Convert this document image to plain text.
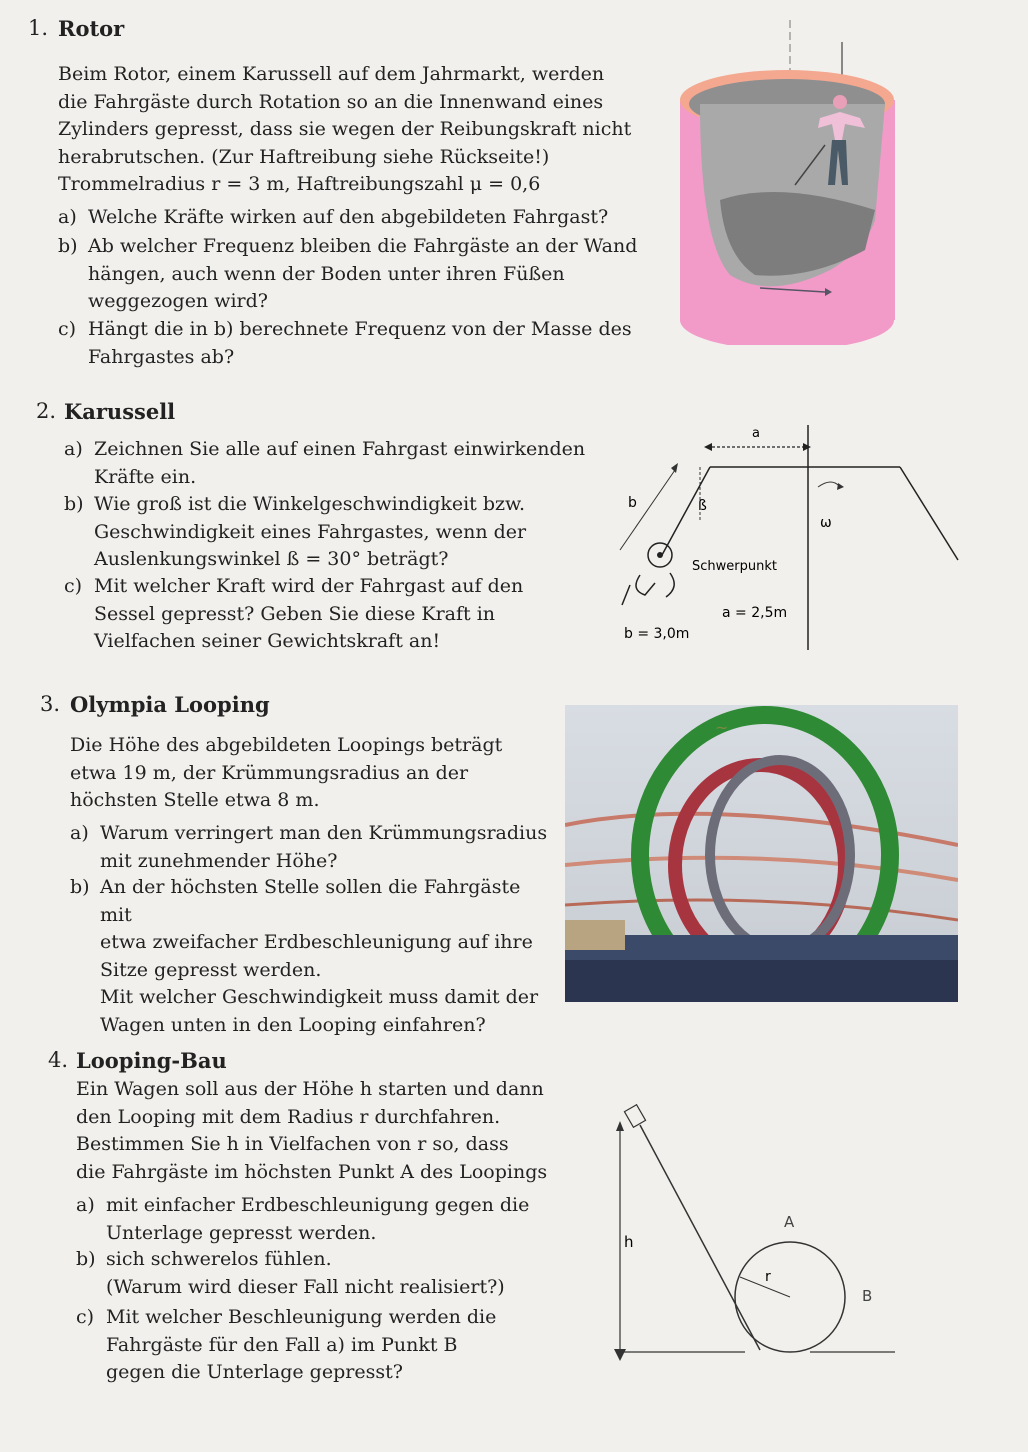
1. Rotor
Beim Rotor, einem Karussell auf dem Jahrmarkt, werden
die Fahrgäste durch Rotation so an die Innenwand eines
Zylinders gepresst, dass sie wegen der Reibungskraft nicht
herabrutschen. (Zur Haftreibung siehe Rückseite!)
Trommelradius r = 3 m, Haftreibungszahl μ = 0,6
a) Welche Kräfte wirken auf den abgebildeten Fahrgast?
b) Ab welcher Frequenz bleiben die Fahrgäste an der Wand
hängen, auch wenn der Boden unter ihren Füßen
weggezogen wird?
c) Hängt die in b) berechnete Frequenz von der Masse des
Fahrgastes ab?
2. Karussell
a) Zeichnen Sie alle auf einen Fahrgast einwirkenden
Kräfte ein.
b) Wie groß ist die Winkelgeschwindigkeit bzw.
Geschwindigkeit eines Fahrgastes, wenn der
Auslenkungswinkel ß = 30° beträgt?
c) Mit welcher Kraft wird der Fahrgast auf den
Sessel gepresst? Geben Sie diese Kraft in
Vielfachen seiner Gewichtskraft an!
a
b	ß
ω
Schwerpunkt
a = 2,5m
b = 3,0m
3. Olympia Looping
Die Höhe des abgebildeten Loopings beträgt
etwa 19 m, der Krümmungsradius an der
höchsten Stelle etwa 8 m.
a) Warum verringert man den Krümmungsradius
mit zunehmender Höhe?
b) An der höchsten Stelle sollen die Fahrgäste mit
etwa zweifacher Erdbeschleunigung auf ihre
Sitze gepresst werden.
Mit welcher Geschwindigkeit muss damit der
Wagen unten in den Looping einfahren?
~
4. Looping-Bau
Ein Wagen soll aus der Höhe h starten und dann
den Looping mit dem Radius r durchfahren.
Bestimmen Sie h in Vielfachen von r so, dass
die Fahrgäste im höchsten Punkt A des Loopings
a) mit einfacher Erdbeschleunigung gegen die
Unterlage gepresst werden.
b) sich schwerelos fühlen.
(Warum wird dieser Fall nicht realisiert?)
c) Mit welcher Beschleunigung werden die
Fahrgäste für den Fall a) im Punkt B
gegen die Unterlage gepresst?
h
r
A
B
